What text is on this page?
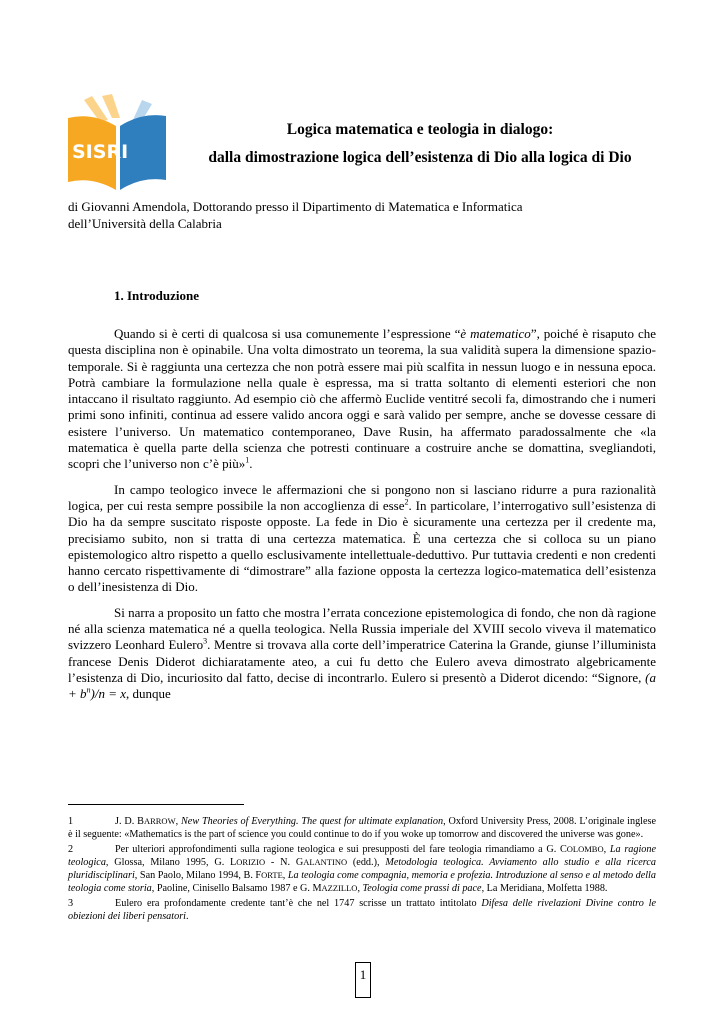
SISRI
Logica matematica e teologia in dialogo:
dalla dimostrazione logica dell’esistenza di Dio alla logica di Dio
di Giovanni Amendola, Dottorando presso il Dipartimento di Matematica e Informatica
dell’Università della Calabria
1. Introduzione

Quando si è certi di qualcosa si usa comunemente l’espressione “è matematico”, poiché è risaputo che questa disciplina non è opinabile. Una volta dimostrato un teorema, la sua validità supera la dimensione spazio-temporale. Si è raggiunta una certezza che non potrà essere mai più scalfita in nessun luogo e in nessuna epoca. Potrà cambiare la formulazione nella quale è espressa, ma si tratta soltanto di elementi esteriori che non intaccano il risultato raggiunto. Ad esempio ciò che affermò Euclide ventitré secoli fa, dimostrando che i numeri primi sono infiniti, continua ad essere valido ancora oggi e sarà valido per sempre, anche se dovesse cessare di esistere l’universo. Un matematico contemporaneo, Dave Rusin, ha affermato paradossalmente che «la matematica è quella parte della scienza che potresti continuare a costruire anche se domattina, svegliandoti, scopri che l’universo non c’è più»$^1$.

In campo teologico invece le affermazioni che si pongono non si lasciano ridurre a pura razionalità logica, per cui resta sempre possibile la non accoglienza di esse$^2$. In particolare, l’interrogativo sull’esistenza di Dio ha da sempre suscitato risposte opposte. La fede in Dio è sicuramente una certezza per il credente ma, precisiamo subito, non si tratta di una certezza matematica. È una certezza che si colloca su un piano epistemologico altro rispetto a quello esclusivamente intellettuale-deduttivo. Pur tuttavia credenti e non credenti hanno cercato rispettivamente di “dimostrare” alla fazione opposta la certezza logico-matematica dell’esistenza o dell’inesistenza di Dio.

Si narra a proposito un fatto che mostra l’errata concezione epistemologica di fondo, che non dà ragione né alla scienza matematica né a quella teologica. Nella Russia imperiale del XVIII secolo viveva il matematico svizzero Leonhard Eulero$^3$. Mentre si trovava alla corte dell’imperatrice Caterina la Grande, giunse l’illuminista francese Denis Diderot dichiaratamente ateo, a cui fu detto che Eulero aveva dimostrato algebricamente l’esistenza di Dio, incuriosito dal fatto, decise di incontrarlo. Eulero si presentò a Diderot dicendo: “Signore, $(a + b^n)/n = x$, dunque

1	J. D. BARROW, New Theories of Everything. The quest for ultimate explanation, Oxford University Press, 2008. L’originale inglese è il seguente: «Mathematics is the part of science you could continue to do if you woke up tomorrow and discovered the universe was gone».
2	Per ulteriori approfondimenti sulla ragione teologica e sui presupposti del fare teologia rimandiamo a G. COLOMBO, La ragione teologica, Glossa, Milano 1995, G. LORIZIO - N. GALANTINO (edd.), Metodologia teologica. Avviamento allo studio e alla ricerca pluridisciplinari, San Paolo, Milano 1994, B. FORTE, La teologia come compagnia, memoria e profezia. Introduzione al senso e al metodo della teologia come storia, Paoline, Cinisello Balsamo 1987 e G. MAZZILLO, Teologia come prassi di pace, La Meridiana, Molfetta 1988.
3	Eulero era profondamente credente tant’è che nel 1747 scrisse un trattato intitolato Difesa delle rivelazioni Divine contro le obiezioni dei liberi pensatori.
1
